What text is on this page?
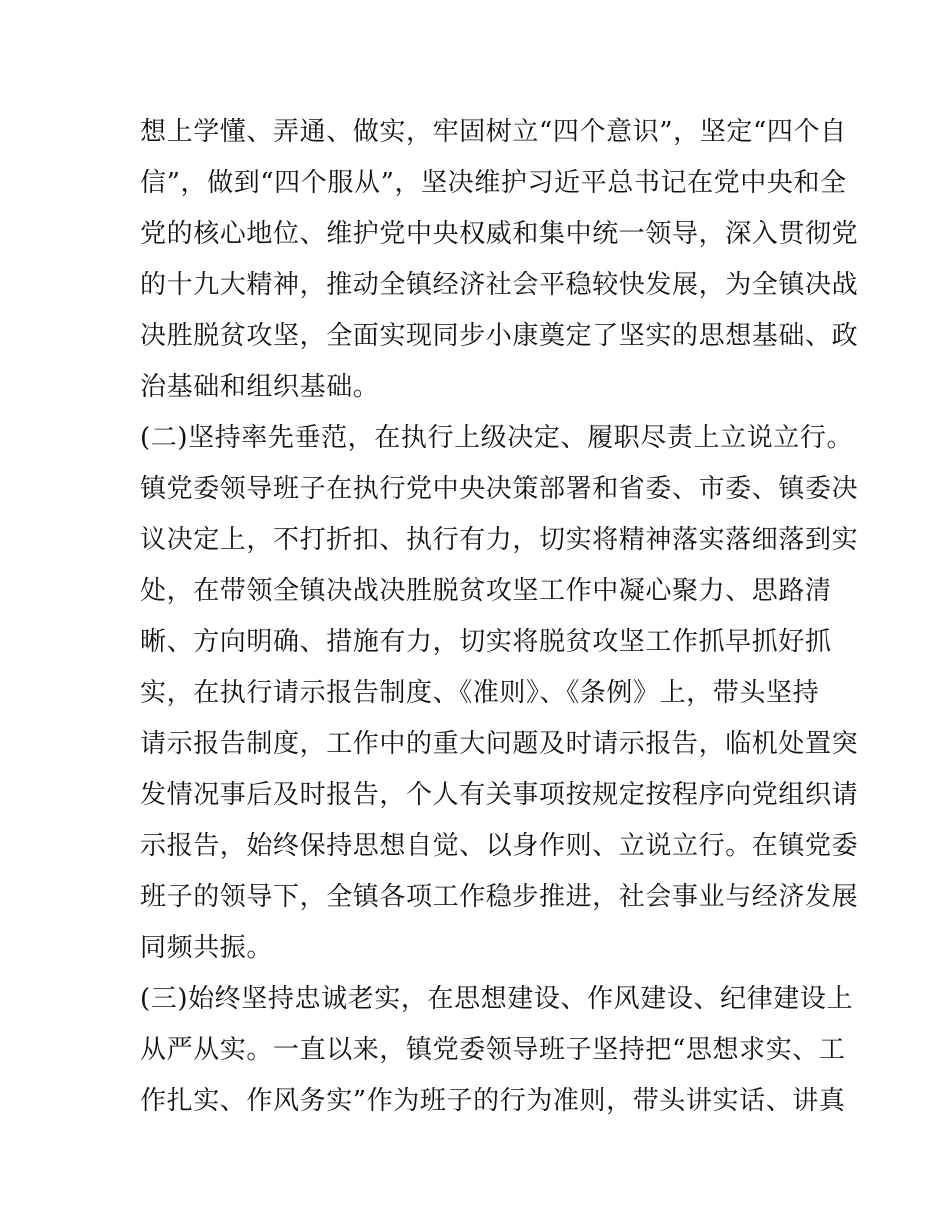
想上学懂、弄通、做实，牢固树立“四个意识”，坚定“四个自
信”，做到“四个服从”，坚决维护习近平总书记在党中央和全
党的核心地位、维护党中央权威和集中统一领导，深入贯彻党
的十九大精神，推动全镇经济社会平稳较快发展，为全镇决战
决胜脱贫攻坚，全面实现同步小康奠定了坚实的思想基础、政
治基础和组织基础。
(二)坚持率先垂范，在执行上级决定、履职尽责上立说立行。
镇党委领导班子在执行党中央决策部署和省委、市委、镇委决
议决定上，不打折扣、执行有力，切实将精神落实落细落到实
处，在带领全镇决战决胜脱贫攻坚工作中凝心聚力、思路清
晰、方向明确、措施有力，切实将脱贫攻坚工作抓早抓好抓
实，在执行请示报告制度、《准则》、《条例》上，带头坚持
请示报告制度，工作中的重大问题及时请示报告，临机处置突
发情况事后及时报告，个人有关事项按规定按程序向党组织请
示报告，始终保持思想自觉、以身作则、立说立行。在镇党委
班子的领导下，全镇各项工作稳步推进，社会事业与经济发展
同频共振。
(三)始终坚持忠诚老实，在思想建设、作风建设、纪律建设上
从严从实。一直以来，镇党委领导班子坚持把“思想求实、工
作扎实、作风务实”作为班子的行为准则，带头讲实话、讲真
